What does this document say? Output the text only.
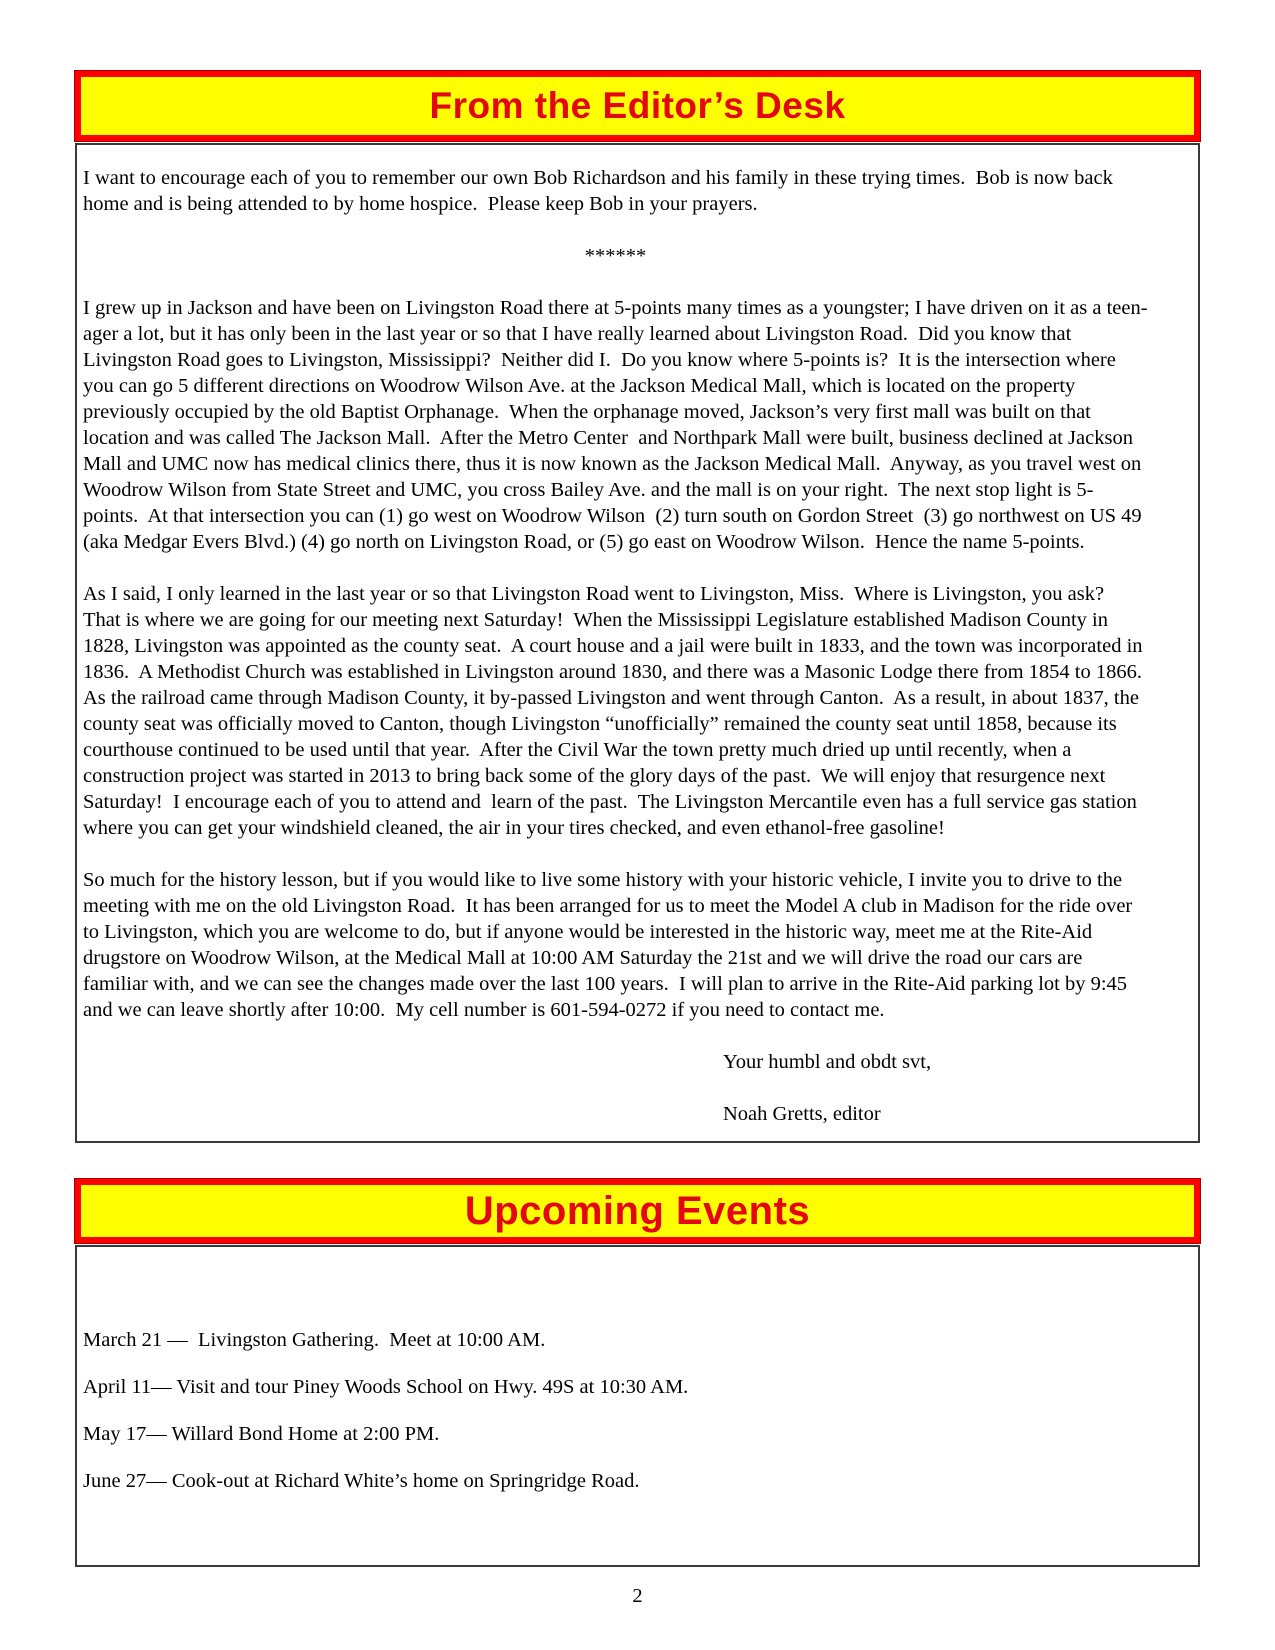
From the Editor’s Desk

I want to encourage each of you to remember our own Bob Richardson and his family in these trying times.  Bob is now back home and is being attended to by home hospice.  Please keep Bob in your prayers.

******

I grew up in Jackson and have been on Livingston Road there at 5-points many times as a youngster; I have driven on it as a teen-ager a lot, but it has only been in the last year or so that I have really learned about Livingston Road.  Did you know that Livingston Road goes to Livingston, Mississippi?  Neither did I.  Do you know where 5-points is?  It is the intersection where you can go 5 different directions on Woodrow Wilson Ave. at the Jackson Medical Mall, which is located on the property previously occupied by the old Baptist Orphanage.  When the orphanage moved, Jackson’s very first mall was built on that location and was called The Jackson Mall.  After the Metro Center  and Northpark Mall were built, business declined at Jackson Mall and UMC now has medical clinics there, thus it is now known as the Jackson Medical Mall.  Anyway, as you travel west on Woodrow Wilson from State Street and UMC, you cross Bailey Ave. and the mall is on your right.  The next stop light is 5-points.  At that intersection you can (1) go west on Woodrow Wilson  (2) turn south on Gordon Street  (3) go northwest on US 49 (aka Medgar Evers Blvd.) (4) go north on Livingston Road, or (5) go east on Woodrow Wilson.  Hence the name 5-points.

As I said, I only learned in the last year or so that Livingston Road went to Livingston, Miss.  Where is Livingston, you ask?  That is where we are going for our meeting next Saturday!  When the Mississippi Legislature established Madison County in 1828, Livingston was appointed as the county seat.  A court house and a jail were built in 1833, and the town was incorporated in 1836.  A Methodist Church was established in Livingston around 1830, and there was a Masonic Lodge there from 1854 to 1866.  As the railroad came through Madison County, it by-passed Livingston and went through Canton.  As a result, in about 1837, the county seat was officially moved to Canton, though Livingston “unofficially” remained the county seat until 1858, because its courthouse continued to be used until that year.  After the Civil War the town pretty much dried up until recently, when a construction project was started in 2013 to bring back some of the glory days of the past.  We will enjoy that resurgence next Saturday!  I encourage each of you to attend and  learn of the past.  The Livingston Mercantile even has a full service gas station where you can get your windshield cleaned, the air in your tires checked, and even ethanol-free gasoline!

So much for the history lesson, but if you would like to live some history with your historic vehicle, I invite you to drive to the meeting with me on the old Livingston Road.  It has been arranged for us to meet the Model A club in Madison for the ride over to Livingston, which you are welcome to do, but if anyone would be interested in the historic way, meet me at the Rite-Aid drugstore on Woodrow Wilson, at the Medical Mall at 10:00 AM Saturday the 21st and we will drive the road our cars are familiar with, and we can see the changes made over the last 100 years.  I will plan to arrive in the Rite-Aid parking lot by 9:45 and we can leave shortly after 10:00.  My cell number is 601-594-0272 if you need to contact me.

Your humbl and obdt svt,

Noah Gretts, editor

Upcoming Events

March 21 —  Livingston Gathering.  Meet at 10:00 AM.

April 11— Visit and tour Piney Woods School on Hwy. 49S at 10:30 AM.

May 17— Willard Bond Home at 2:00 PM.

June 27— Cook-out at Richard White’s home on Springridge Road.

2
